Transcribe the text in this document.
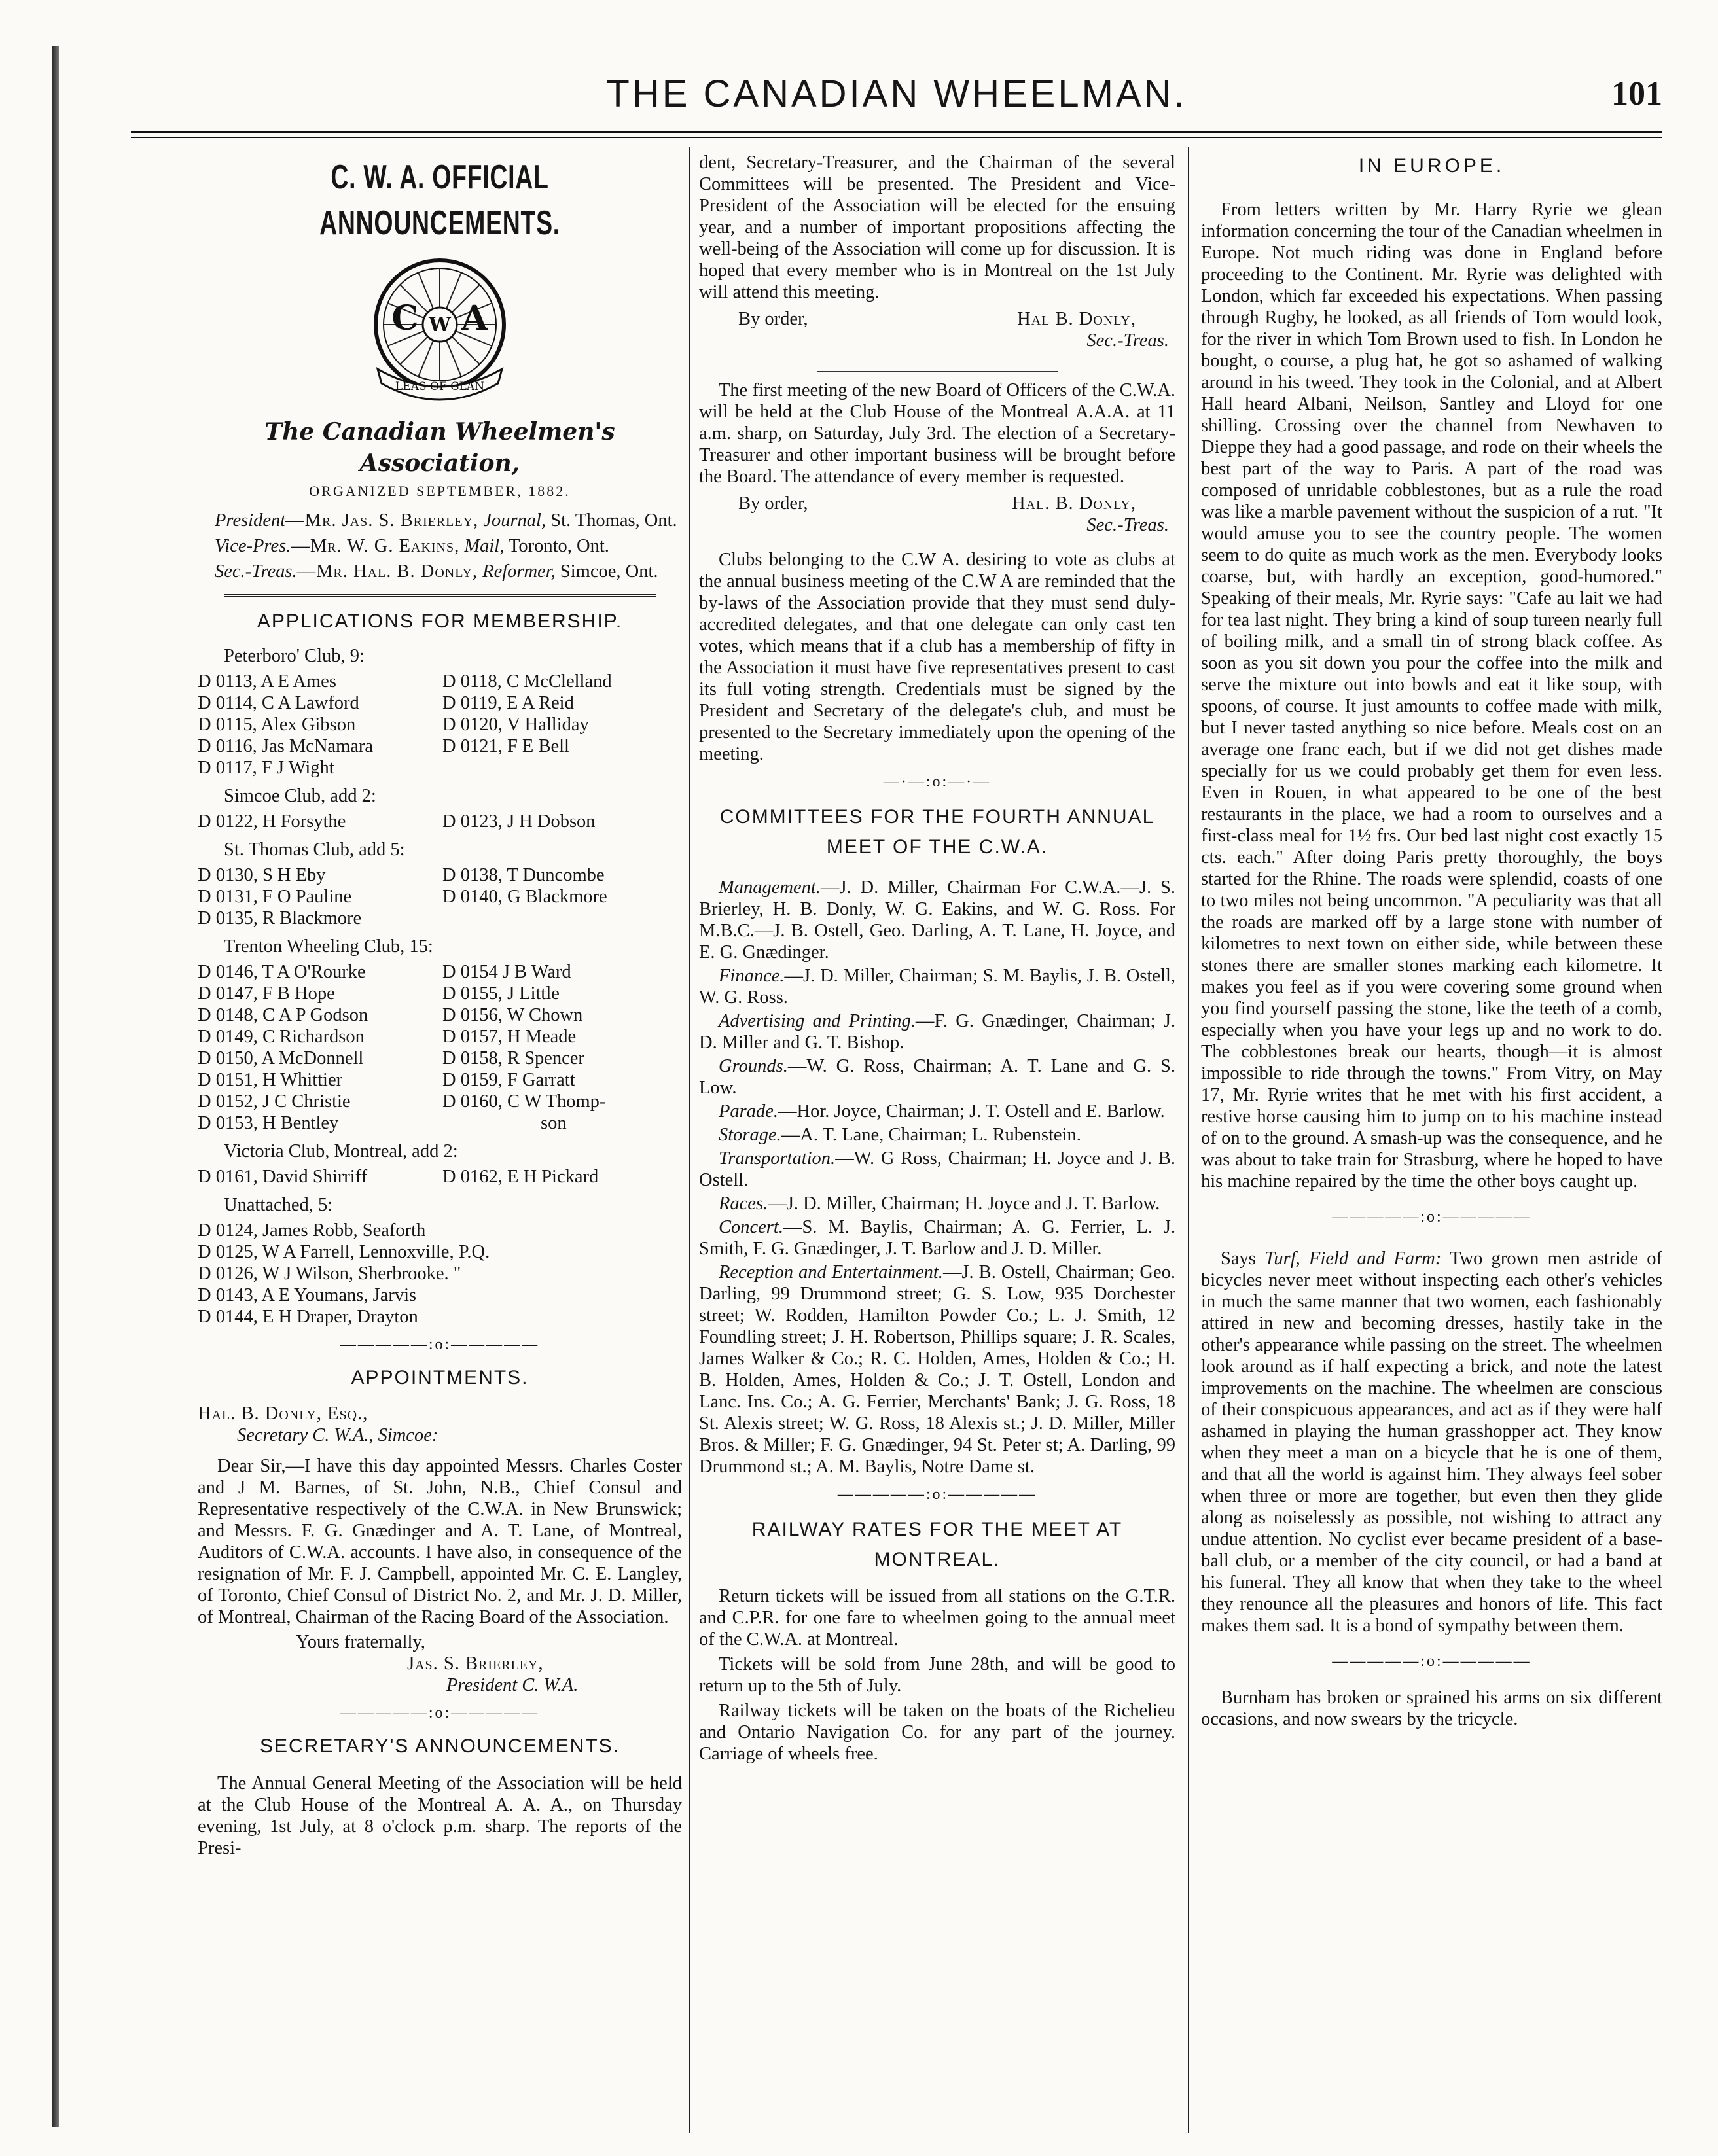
THE CANADIAN WHEELMAN.	101
C. W. A. OFFICIAL ANNOUNCEMENTS.
W
C A
LEAS OF GLAN
The Canadian Wheelmen's Association,
ORGANIZED SEPTEMBER, 1882.
President—Mr. Jas. S. Brierley, Journal, St. Thomas, Ont.
Vice-Pres.—Mr. W. G. Eakins, Mail, Toronto, Ont.
Sec.-Treas.—Mr. Hal. B. Donly, Reformer, Simcoe, Ont.
APPLICATIONS FOR MEMBERSHIP.
Peterboro' Club, 9:
D 0113, A E Ames	D 0118, C McClelland
D 0114, C A Lawford	D 0119, E A Reid
D 0115, Alex Gibson	D 0120, V Halliday
D 0116, Jas McNamara	D 0121, F E Bell
D 0117, F J Wight
Simcoe Club, add 2:
D 0122, H Forsythe	D 0123, J H Dobson
St. Thomas Club, add 5:
D 0130, S H Eby	D 0138, T Duncombe
D 0131, F O Pauline	D 0140, G Blackmore
D 0135, R Blackmore
Trenton Wheeling Club, 15:
D 0146, T A O'Rourke	D 0154 J B Ward
D 0147, F B Hope	D 0155, J Little
D 0148, C A P Godson	D 0156, W Chown
D 0149, C Richardson	D 0157, H Meade
D 0150, A McDonnell	D 0158, R Spencer
D 0151, H Whittier	D 0159, F Garratt
D 0152, J C Christie	D 0160, C W Thomp-
D 0153, H Bentley	son
Victoria Club, Montreal, add 2:
D 0161, David Shirriff	D 0162, E H Pickard
Unattached, 5:
D 0124, James Robb, Seaforth
D 0125, W A Farrell, Lennoxville, P.Q.
D 0126, W J Wilson, Sherbrooke. "
D 0143, A E Youmans, Jarvis
D 0144, E H Draper, Drayton
—————:o:—————
APPOINTMENTS.
Hal. B. Donly, Esq.,
Secretary C. W.A., Simcoe:

Dear Sir,—I have this day appointed Messrs. Charles Coster and J M. Barnes, of St. John, N.B., Chief Consul and Representative respectively of the C.W.A. in New Brunswick; and Messrs. F. G. Gnædinger and A. T. Lane, of Montreal, Auditors of C.W.A. accounts. I have also, in consequence of the resignation of Mr. F. J. Campbell, appointed Mr. C. E. Langley, of Toronto, Chief Consul of District No. 2, and Mr. J. D. Miller, of Montreal, Chairman of the Racing Board of the Association.

Yours fraternally,
Jas. S. Brierley,
President C. W.A.
—————:o:—————
SECRETARY'S ANNOUNCEMENTS.

The Annual General Meeting of the Association will be held at the Club House of the Montreal A. A. A., on Thursday evening, 1st July, at 8 o'clock p.m. sharp. The reports of the Presi-

dent, Secretary-Treasurer, and the Chairman of the several Committees will be presented. The President and Vice-President of the Association will be elected for the ensuing year, and a number of important propositions affecting the well-being of the Association will come up for discussion. It is hoped that every member who is in Montreal on the 1st July will attend this meeting.

By order,	Hal B. Donly,
Sec.-Treas.

The first meeting of the new Board of Officers of the C.W.A. will be held at the Club House of the Montreal A.A.A. at 11 a.m. sharp, on Saturday, July 3rd. The election of a Secretary-Treasurer and other important business will be brought before the Board. The attendance of every member is requested.

By order,	Hal. B. Donly,
Sec.-Treas.

Clubs belonging to the C.W A. desiring to vote as clubs at the annual business meeting of the C.W A are reminded that the by-laws of the Association provide that they must send duly-accredited delegates, and that one delegate can only cast ten votes, which means that if a club has a membership of fifty in the Association it must have five representatives present to cast its full voting strength. Credentials must be signed by the President and Secretary of the delegate's club, and must be presented to the Secretary immediately upon the opening of the meeting.

—·—:o:—·—
COMMITTEES FOR THE FOURTH ANNUAL MEET OF THE C.W.A.
Management.—J. D. Miller, Chairman For C.W.A.—J. S. Brierley, H. B. Donly, W. G. Eakins, and W. G. Ross. For M.B.C.—J. B. Ostell, Geo. Darling, A. T. Lane, H. Joyce, and E. G. Gnædinger.
Finance.—J. D. Miller, Chairman; S. M. Baylis, J. B. Ostell, W. G. Ross.
Advertising and Printing.—F. G. Gnædinger, Chairman; J. D. Miller and G. T. Bishop.
Grounds.—W. G. Ross, Chairman; A. T. Lane and G. S. Low.
Parade.—Hor. Joyce, Chairman; J. T. Ostell and E. Barlow.
Storage.—A. T. Lane, Chairman; L. Rubenstein.
Transportation.—W. G Ross, Chairman; H. Joyce and J. B. Ostell.
Races.—J. D. Miller, Chairman; H. Joyce and J. T. Barlow.
Concert.—S. M. Baylis, Chairman; A. G. Ferrier, L. J. Smith, F. G. Gnædinger, J. T. Barlow and J. D. Miller.
Reception and Entertainment.—J. B. Ostell, Chairman; Geo. Darling, 99 Drummond street; G. S. Low, 935 Dorchester street; W. Rodden, Hamilton Powder Co.; L. J. Smith, 12 Foundling street; J. H. Robertson, Phillips square; J. R. Scales, James Walker & Co.; R. C. Holden, Ames, Holden & Co.; H. B. Holden, Ames, Holden & Co.; J. T. Ostell, London and Lanc. Ins. Co.; A. G. Ferrier, Merchants' Bank; J. G. Ross, 18 St. Alexis street; W. G. Ross, 18 Alexis st.; J. D. Miller, Miller Bros. & Miller; F. G. Gnædinger, 94 St. Peter st; A. Darling, 99 Drummond st.; A. M. Baylis, Notre Dame st.
—————:o:—————
RAILWAY RATES FOR THE MEET AT MONTREAL.

Return tickets will be issued from all stations on the G.T.R. and C.P.R. for one fare to wheelmen going to the annual meet of the C.W.A. at Montreal.

Tickets will be sold from June 28th, and will be good to return up to the 5th of July.

Railway tickets will be taken on the boats of the Richelieu and Ontario Navigation Co. for any part of the journey. Carriage of wheels free.

IN EUROPE.

From letters written by Mr. Harry Ryrie we glean information concerning the tour of the Canadian wheelmen in Europe. Not much riding was done in England before proceeding to the Continent. Mr. Ryrie was delighted with London, which far exceeded his expectations. When passing through Rugby, he looked, as all friends of Tom would look, for the river in which Tom Brown used to fish. In London he bought, o course, a plug hat, he got so ashamed of walking around in his tweed. They took in the Colonial, and at Albert Hall heard Albani, Neilson, Santley and Lloyd for one shilling. Crossing over the channel from Newhaven to Dieppe they had a good passage, and rode on their wheels the best part of the way to Paris. A part of the road was composed of unridable cobblestones, but as a rule the road was like a marble pavement without the suspicion of a rut. "It would amuse you to see the country people. The women seem to do quite as much work as the men. Everybody looks coarse, but, with hardly an exception, good-humored." Speaking of their meals, Mr. Ryrie says: "Cafe au lait we had for tea last night. They bring a kind of soup tureen nearly full of boiling milk, and a small tin of strong black coffee. As soon as you sit down you pour the coffee into the milk and serve the mixture out into bowls and eat it like soup, with spoons, of course. It just amounts to coffee made with milk, but I never tasted anything so nice before. Meals cost on an average one franc each, but if we did not get dishes made specially for us we could probably get them for even less. Even in Rouen, in what appeared to be one of the best restaurants in the place, we had a room to ourselves and a first-class meal for 1½ frs. Our bed last night cost exactly 15 cts. each." After doing Paris pretty thoroughly, the boys started for the Rhine. The roads were splendid, coasts of one to two miles not being uncommon. "A peculiarity was that all the roads are marked off by a large stone with number of kilometres to next town on either side, while between these stones there are smaller stones marking each kilometre. It makes you feel as if you were covering some ground when you find yourself passing the stone, like the teeth of a comb, especially when you have your legs up and no work to do. The cobblestones break our hearts, though—it is almost impossible to ride through the towns." From Vitry, on May 17, Mr. Ryrie writes that he met with his first accident, a restive horse causing him to jump on to his machine instead of on to the ground. A smash-up was the consequence, and he was about to take train for Strasburg, where he hoped to have his machine repaired by the time the other boys caught up.

—————:o:—————

Says Turf, Field and Farm: Two grown men astride of bicycles never meet without inspecting each other's vehicles in much the same manner that two women, each fashionably attired in new and becoming dresses, hastily take in the other's appearance while passing on the street. The wheelmen look around as if half expecting a brick, and note the latest improvements on the machine. The wheelmen are conscious of their conspicuous appearances, and act as if they were half ashamed in playing the human grasshopper act. They know when they meet a man on a bicycle that he is one of them, and that all the world is against him. They always feel sober when three or more are together, but even then they glide along as noiselessly as possible, not wishing to attract any undue attention. No cyclist ever became president of a base-ball club, or a member of the city council, or had a band at his funeral. They all know that when they take to the wheel they renounce all the pleasures and honors of life. This fact makes them sad. It is a bond of sympathy between them.

—————:o:—————

Burnham has broken or sprained his arms on six different occasions, and now swears by the tricycle.
